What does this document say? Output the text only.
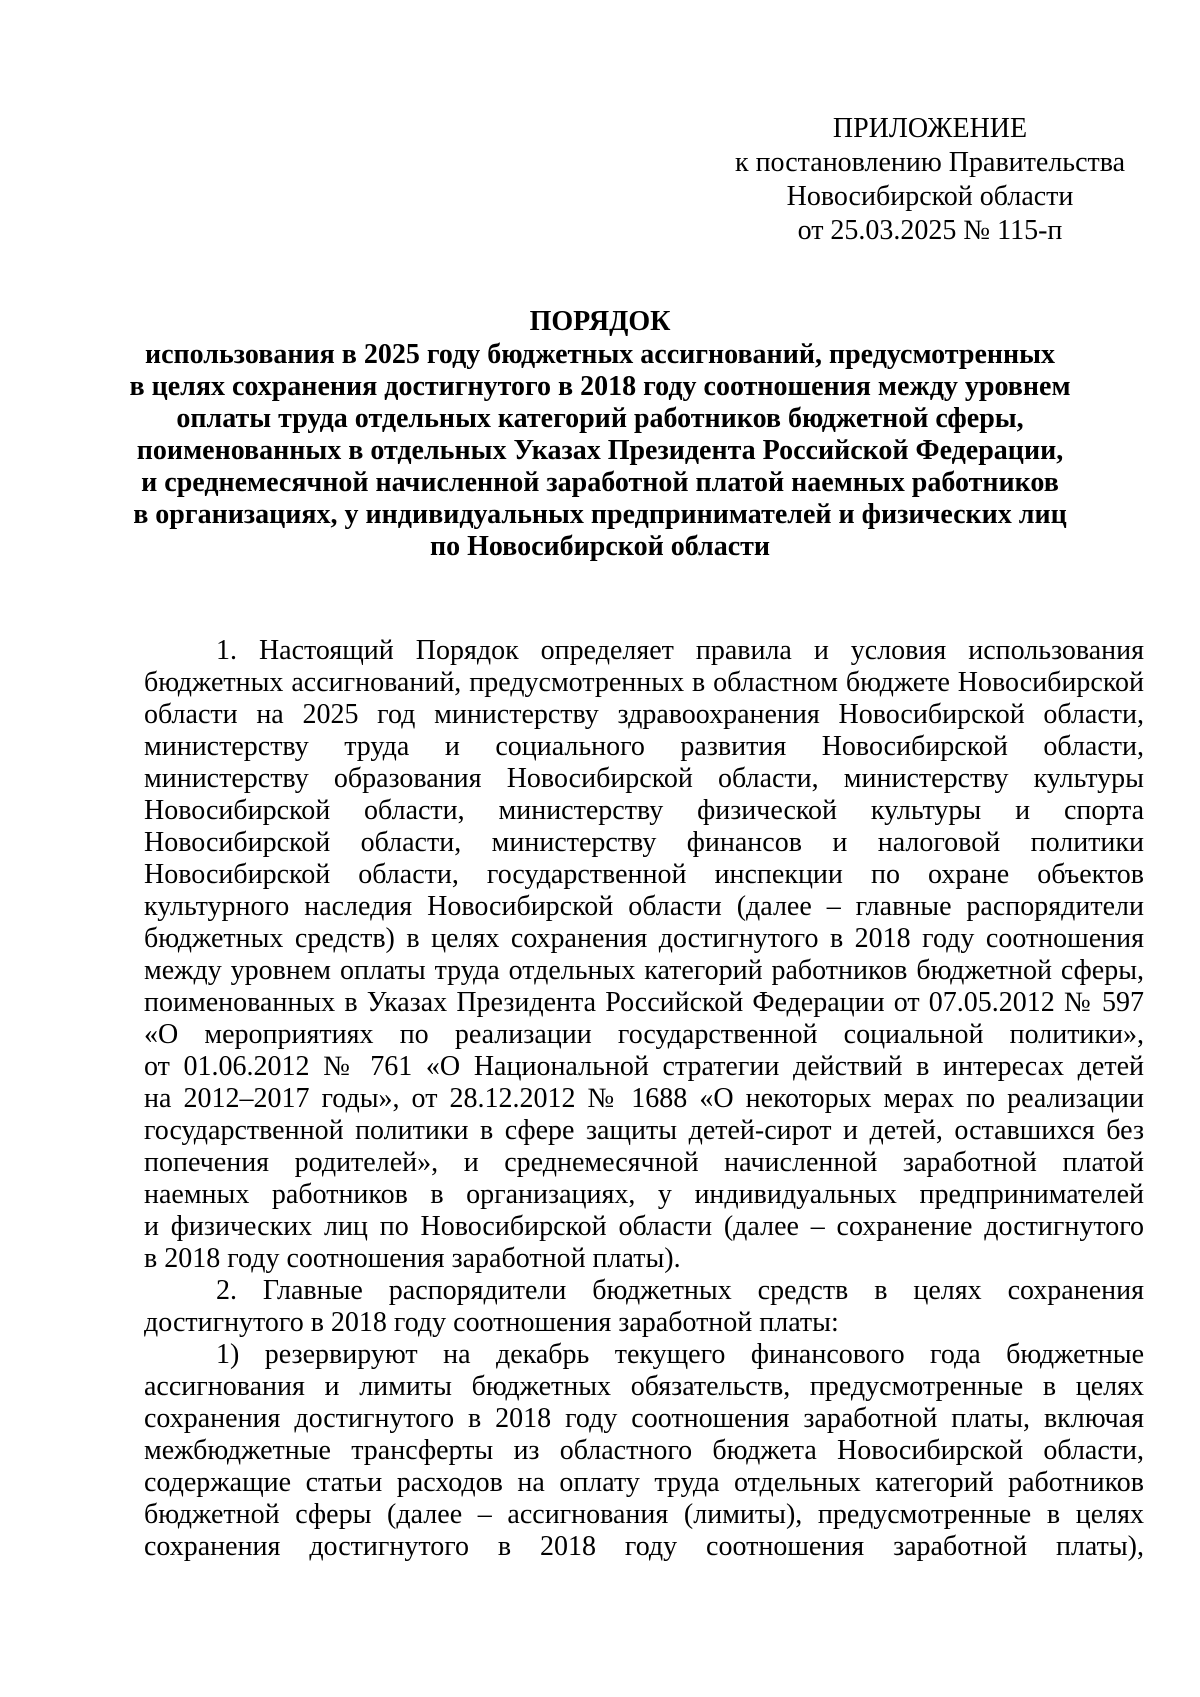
ПРИЛОЖЕНИЕ
к постановлению Правительства
Новосибирской области
от 25.03.2025 № 115-п
ПОРЯДОК
использования в 2025 году бюджетных ассигнований, предусмотренных
в целях сохранения достигнутого в 2018 году соотношения между уровнем
оплаты труда отдельных категорий работников бюджетной сферы,
поименованных в отдельных Указах Президента Российской Федерации,
и среднемесячной начисленной заработной платой наемных работников
в организациях, у индивидуальных предпринимателей и физических лиц
по Новосибирской области
1. Настоящий Порядок определяет правила и условия использования
бюджетных ассигнований, предусмотренных в областном бюджете Новосибирской
области на 2025 год министерству здравоохранения Новосибирской области,
министерству труда и социального развития Новосибирской области,
министерству образования Новосибирской области, министерству культуры
Новосибирской области, министерству физической культуры и спорта
Новосибирской области, министерству финансов и налоговой политики
Новосибирской области, государственной инспекции по охране объектов
культурного наследия Новосибирской области (далее – главные распорядители
бюджетных средств) в целях сохранения достигнутого в 2018 году соотношения
между уровнем оплаты труда отдельных категорий работников бюджетной сферы,
поименованных в Указах Президента Российской Федерации от 07.05.2012 № 597
«О мероприятиях по реализации государственной социальной политики»,
от 01.06.2012 № 761 «О Национальной стратегии действий в интересах детей
на 2012–2017 годы», от 28.12.2012 № 1688 «О некоторых мерах по реализации
государственной политики в сфере защиты детей-сирот и детей, оставшихся без
попечения родителей», и среднемесячной начисленной заработной платой
наемных работников в организациях, у индивидуальных предпринимателей
и физических лиц по Новосибирской области (далее – сохранение достигнутого
в 2018 году соотношения заработной платы).
2. Главные распорядители бюджетных средств в целях сохранения
достигнутого в 2018 году соотношения заработной платы:
1) резервируют на декабрь текущего финансового года бюджетные
ассигнования и лимиты бюджетных обязательств, предусмотренные в целях
сохранения достигнутого в 2018 году соотношения заработной платы, включая
межбюджетные трансферты из областного бюджета Новосибирской области,
содержащие статьи расходов на оплату труда отдельных категорий работников
бюджетной сферы (далее – ассигнования (лимиты), предусмотренные в целях
сохранения достигнутого в 2018 году соотношения заработной платы),
